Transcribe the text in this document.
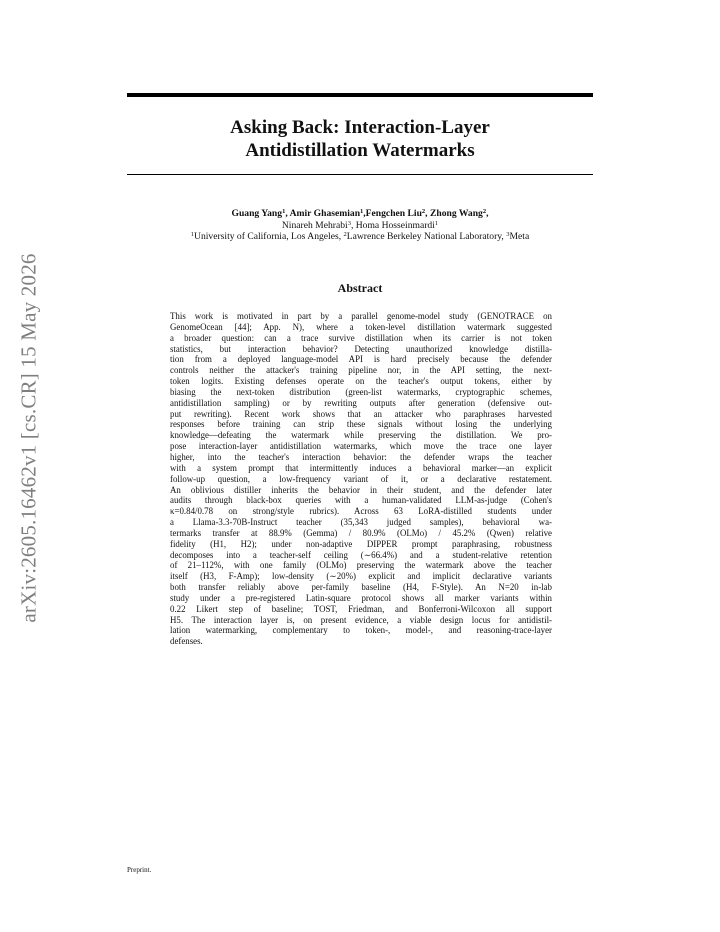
arXiv:2605.16462v1 [cs.CR] 15 May 2026
Asking Back: Interaction-Layer
Antidistillation Watermarks
Guang Yang$^1$, Amir Ghasemian$^1$,Fengchen Liu$^2$, Zhong Wang$^2$,
Ninareh Mehrabi$^3$, Homa Hosseinmardi$^1$
$^1$University of California, Los Angeles, $^2$Lawrence Berkeley National Laboratory, $^3$Meta
Abstract
This work is motivated in part by a parallel genome-model study (GENOTRACE on
GenomeOcean [44]; App. N), where a token-level distillation watermark suggested
a broader question: can a trace survive distillation when its carrier is not token
statistics, but interaction behavior? Detecting unauthorized knowledge distilla-
tion from a deployed language-model API is hard precisely because the defender
controls neither the attacker's training pipeline nor, in the API setting, the next-
token logits. Existing defenses operate on the teacher's output tokens, either by
biasing the next-token distribution (green-list watermarks, cryptographic schemes,
antidistillation sampling) or by rewriting outputs after generation (defensive out-
put rewriting). Recent work shows that an attacker who paraphrases harvested
responses before training can strip these signals without losing the underlying
knowledge—defeating the watermark while preserving the distillation. We pro-
pose interaction-layer antidistillation watermarks, which move the trace one layer
higher, into the teacher's interaction behavior: the defender wraps the teacher
with a system prompt that intermittently induces a behavioral marker—an explicit
follow-up question, a low-frequency variant of it, or a declarative restatement.
An oblivious distiller inherits the behavior in their student, and the defender later
audits through black-box queries with a human-validated LLM-as-judge (Cohen's
κ=0.84/0.78 on strong/style rubrics). Across 63 LoRA-distilled students under
a Llama-3.3-70B-Instruct teacher (35,343 judged samples), behavioral wa-
termarks transfer at 88.9% (Gemma) / 80.9% (OLMo) / 45.2% (Qwen) relative
fidelity (H1, H2); under non-adaptive DIPPER prompt paraphrasing, robustness
decomposes into a teacher-self ceiling (∼66.4%) and a student-relative retention
of 21–112%, with one family (OLMo) preserving the watermark above the teacher
itself (H3, F-Amp); low-density (∼20%) explicit and implicit declarative variants
both transfer reliably above per-family baseline (H4, F-Style). An N=20 in-lab
study under a pre-registered Latin-square protocol shows all marker variants within
0.22 Likert step of baseline; TOST, Friedman, and Bonferroni-Wilcoxon all support
H5. The interaction layer is, on present evidence, a viable design locus for antidistil-
lation watermarking, complementary to token-, model-, and reasoning-trace-layer
defenses.
Preprint.
